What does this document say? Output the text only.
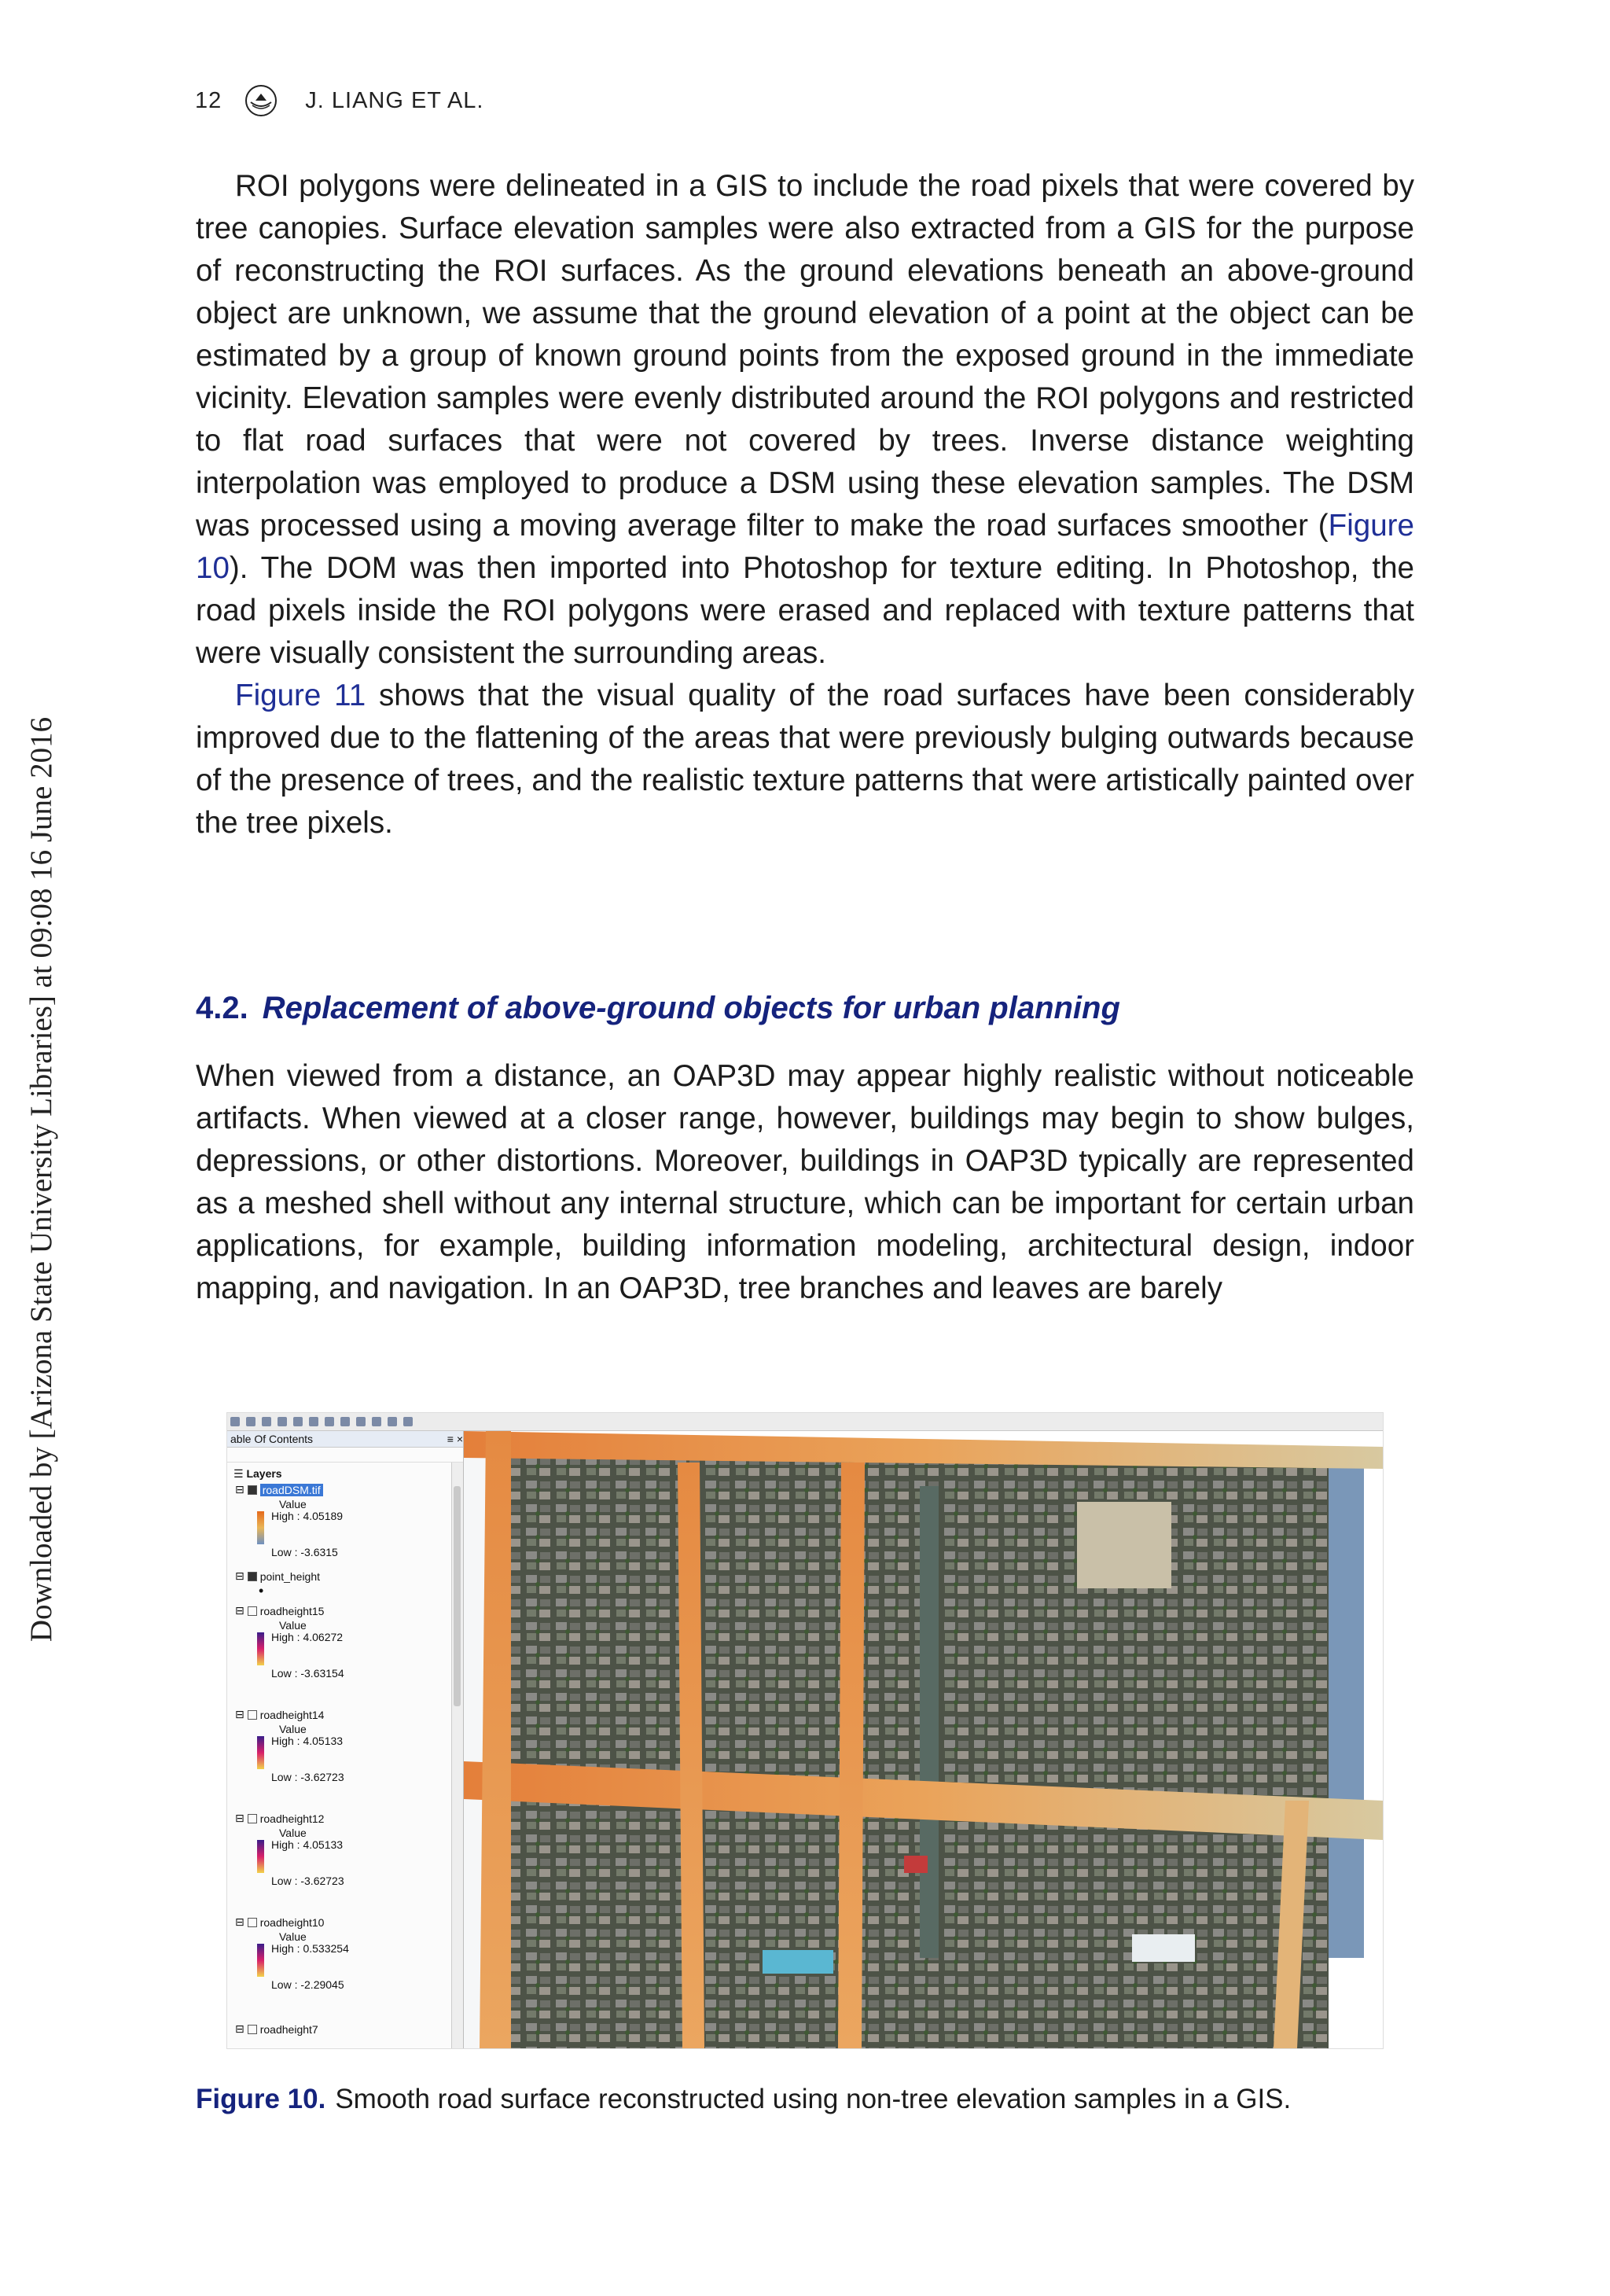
Downloaded by [Arizona State University Libraries] at 09:08 16 June 2016
12	J. LIANG ET AL.

ROI polygons were delineated in a GIS to include the road pixels that were covered by tree canopies. Surface elevation samples were also extracted from a GIS for the purpose of reconstructing the ROI surfaces. As the ground elevations beneath an above-ground object are unknown, we assume that the ground elevation of a point at the object can be estimated by a group of known ground points from the exposed ground in the immediate vicinity. Elevation samples were evenly distributed around the ROI polygons and restricted to flat road surfaces that were not covered by trees. Inverse distance weighting interpolation was employed to produce a DSM using these elevation samples. The DSM was processed using a moving average filter to make the road surfaces smoother (Figure 10). The DOM was then imported into Photoshop for texture editing. In Photoshop, the road pixels inside the ROI polygons were erased and replaced with texture patterns that were visually consistent the surrounding areas.

Figure 11 shows that the visual quality of the road surfaces have been considerably improved due to the flattening of the areas that were previously bulging outwards because of the presence of trees, and the realistic texture patterns that were artistically painted over the tree pixels.

4.2. Replacement of above-ground objects for urban planning

When viewed from a distance, an OAP3D may appear highly realistic without noticeable artifacts. When viewed at a closer range, however, buildings may begin to show bulges, depressions, or other distortions. Moreover, buildings in OAP3D typically are represented as a meshed shell without any internal structure, which can be important for certain urban applications, for example, building information modeling, architectural design, indoor mapping, and navigation. In an OAP3D, tree branches and leaves are barely

able Of Contents	≡ ×
☰ Layers
⊟ roadDSM.tif
Value
High : 4.05189
Low : -3.6315
⊟ point_height
•
⊟ roadheight15
Value
High : 4.06272
Low : -3.63154
⊟ roadheight14
Value
High : 4.05133
Low : -3.62723
⊟ roadheight12
Value
High : 4.05133
Low : -3.62723
⊟ roadheight10
Value
High : 0.533254
Low : -2.29045
⊟ roadheight7
Figure 10. Smooth road surface reconstructed using non-tree elevation samples in a GIS.
